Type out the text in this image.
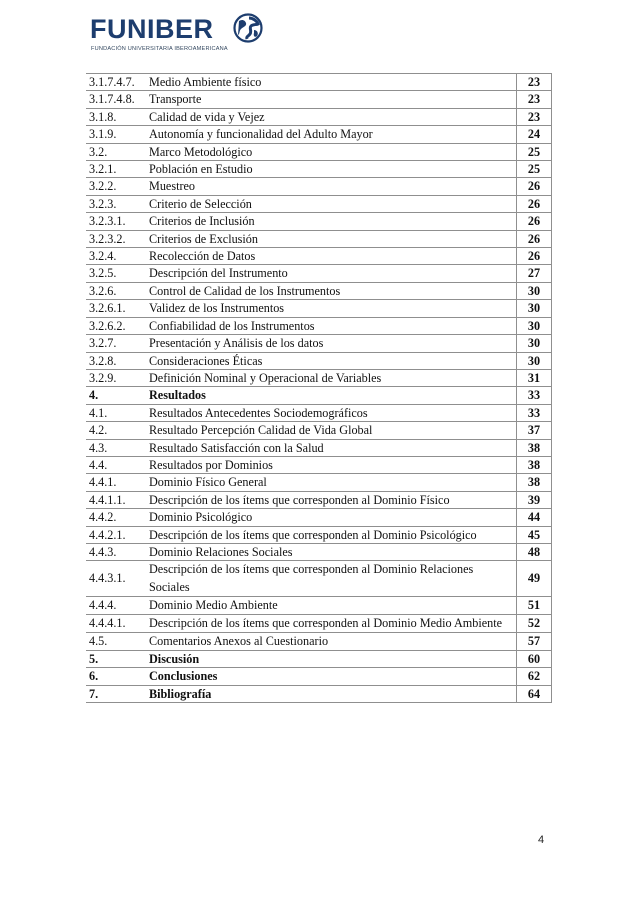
FUNIBER
FUNDACIÓN UNIVERSITARIA IBEROAMERICANA
3.1.7.4.7.	Medio Ambiente físico	23
3.1.7.4.8.	Transporte	23
3.1.8.	Calidad de vida y Vejez	23
3.1.9.	Autonomía y funcionalidad del Adulto Mayor	24
3.2.	Marco Metodológico	25
3.2.1.	Población en Estudio	25
3.2.2.	Muestreo	26
3.2.3.	Criterio de Selección	26
3.2.3.1.	Criterios de Inclusión	26
3.2.3.2.	Criterios de Exclusión	26
3.2.4.	Recolección de Datos	26
3.2.5.	Descripción del Instrumento	27
3.2.6.	Control de Calidad de los Instrumentos	30
3.2.6.1.	Validez de los Instrumentos	30
3.2.6.2.	Confiabilidad de los Instrumentos	30
3.2.7.	Presentación y Análisis de los datos	30
3.2.8.	Consideraciones Éticas	30
3.2.9.	Definición Nominal y Operacional de Variables	31
4.	Resultados	33
4.1.	Resultados Antecedentes Sociodemográficos	33
4.2.	Resultado Percepción Calidad de Vida Global	37
4.3.	Resultado Satisfacción con la Salud	38
4.4.	Resultados por Dominios	38
4.4.1.	Dominio Físico General	38
4.4.1.1.	Descripción de los ítems que corresponden al Dominio Físico	39
4.4.2.	Dominio Psicológico	44
4.4.2.1.	Descripción de los ítems que corresponden al Dominio Psicológico	45
4.4.3.	Dominio Relaciones Sociales	48
4.4.3.1.	Descripción de los ítems que corresponden al Dominio Relaciones Sociales	49
4.4.4.	Dominio Medio Ambiente	51
4.4.4.1.	Descripción de los ítems que corresponden al Dominio Medio Ambiente	52
4.5.	Comentarios Anexos al Cuestionario	57
5.	Discusión	60
6.	Conclusiones	62
7.	Bibliografía	64
4
